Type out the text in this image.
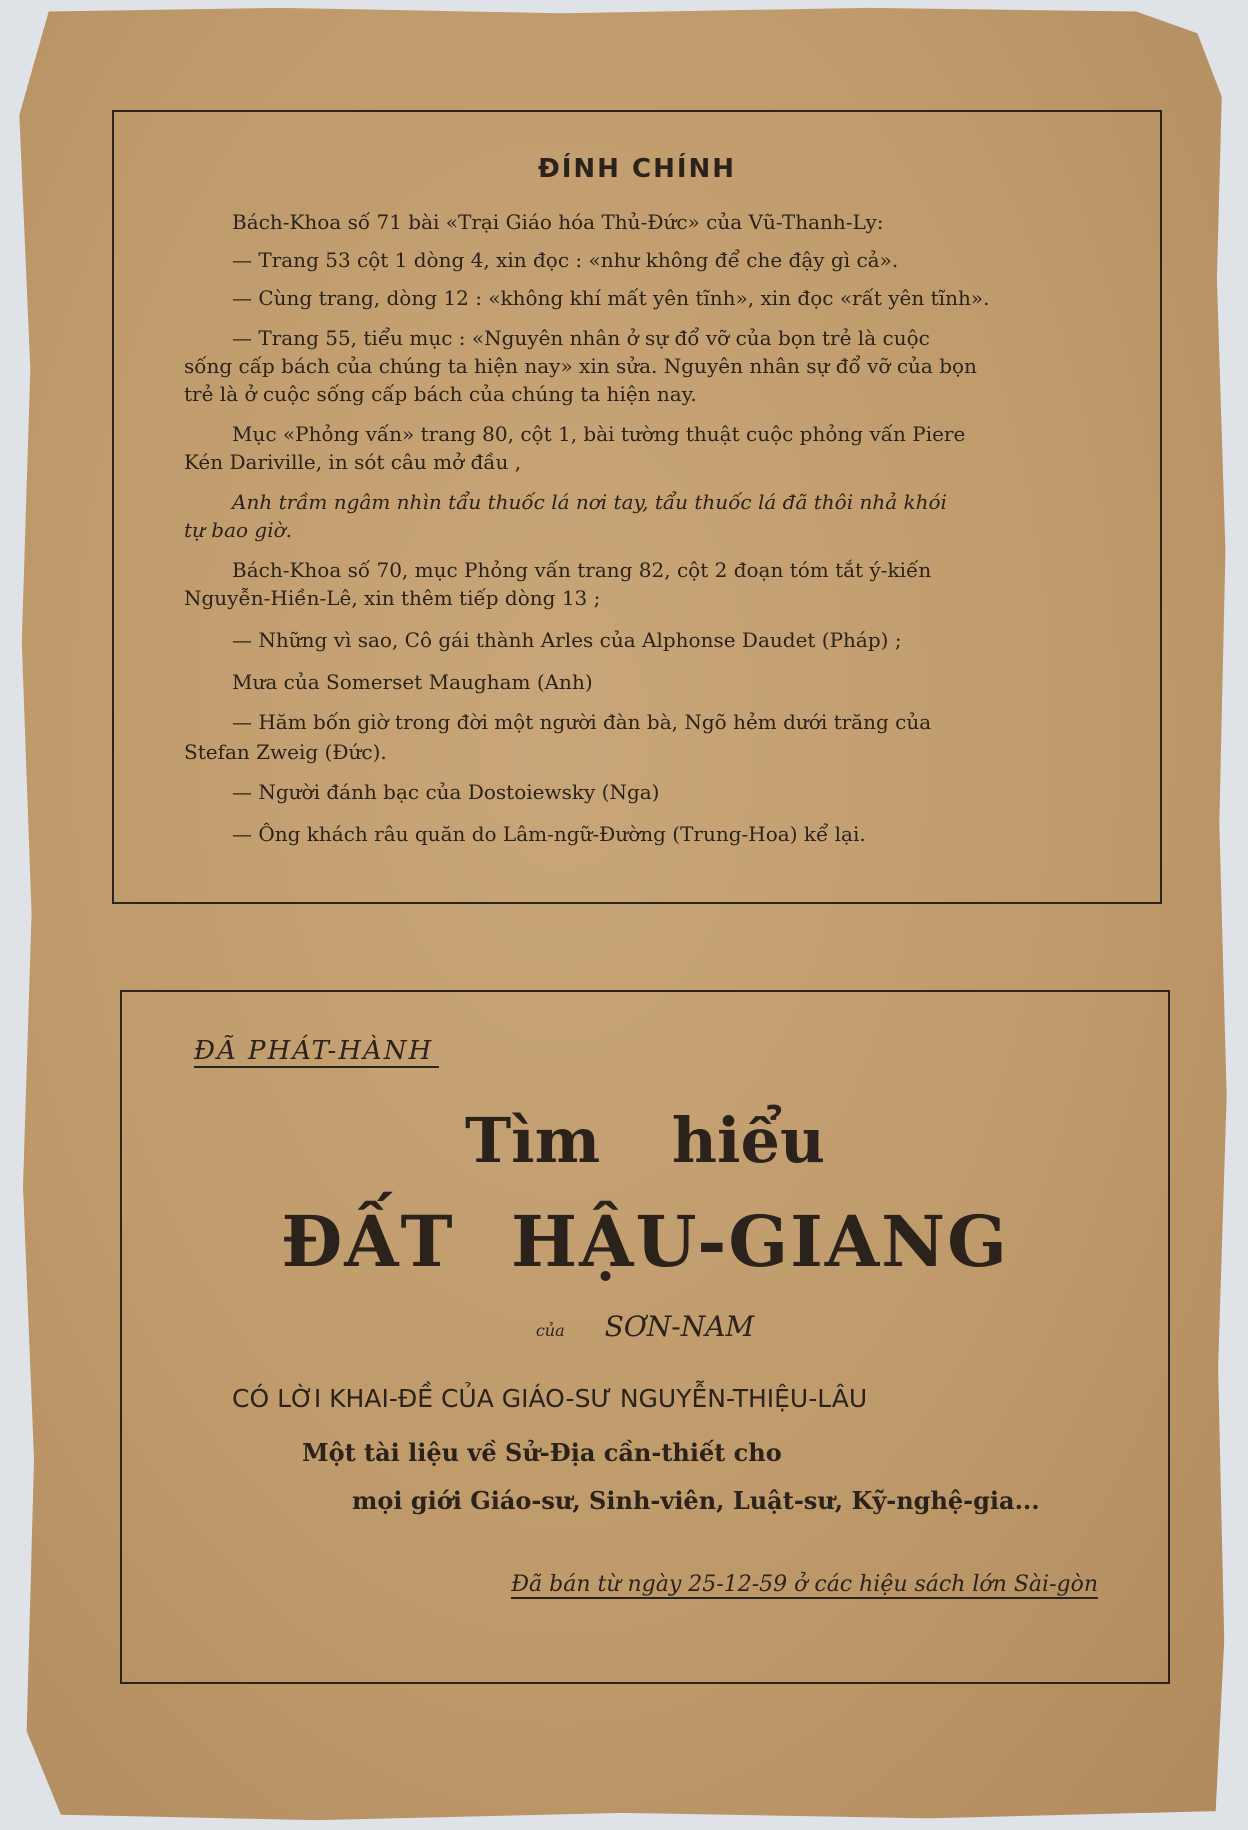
ĐÍNH CHÍNH
Bách-Khoa số 71 bài «Trại Giáo hóa Thủ-Đức» của Vũ-Thanh-Ly:
— Trang 53 cột 1 dòng 4, xin đọc : «như không để che đậy gì cả».
— Cùng trang, dòng 12 : «không khí mất yên tĩnh», xin đọc «rất yên tĩnh».
— Trang 55, tiểu mục : «Nguyên nhân ở sự đổ vỡ của bọn trẻ là cuộc
sống cấp bách của chúng ta hiện nay» xin sửa. Nguyên nhân sự đổ vỡ của bọn
trẻ là ở cuộc sống cấp bách của chúng ta hiện nay.
Mục «Phỏng vấn» trang 80, cột 1, bài tường thuật cuộc phỏng vấn Piere
Kén Dariville, in sót câu mở đầu ,
Anh trầm ngâm nhìn tẩu thuốc lá nơi tay, tẩu thuốc lá đã thôi nhả khói
tự bao giờ.
Bách-Khoa số 70, mục Phỏng vấn trang 82, cột 2 đoạn tóm tắt ý-kiến
Nguyễn-Hiền-Lê, xin thêm tiếp dòng 13 ;
— Những vì sao, Cô gái thành Arles của Alphonse Daudet (Pháp) ;
Mưa của Somerset Maugham (Anh)
— Hăm bốn giờ trong đời một người đàn bà, Ngõ hẻm dưới trăng của
Stefan Zweig (Đức).
— Người đánh bạc của Dostoiewsky (Nga)
— Ông khách râu quăn do Lâm-ngữ-Đường (Trung-Hoa) kể lại.
ĐÃ PHÁT-HÀNH
Tìm hiểu
ĐẤT HẬU-GIANG
của SƠN-NAM
CÓ LỜI KHAI-ĐỀ CỦA GIÁO-SƯ NGUYỄN-THIỆU-LÂU
Một tài liệu về Sử-Địa cần-thiết cho
mọi giới Giáo-sư, Sinh-viên, Luật-sư, Kỹ-nghệ-gia...
Đã bán từ ngày 25-12-59 ở các hiệu sách lớn Sài-gòn
